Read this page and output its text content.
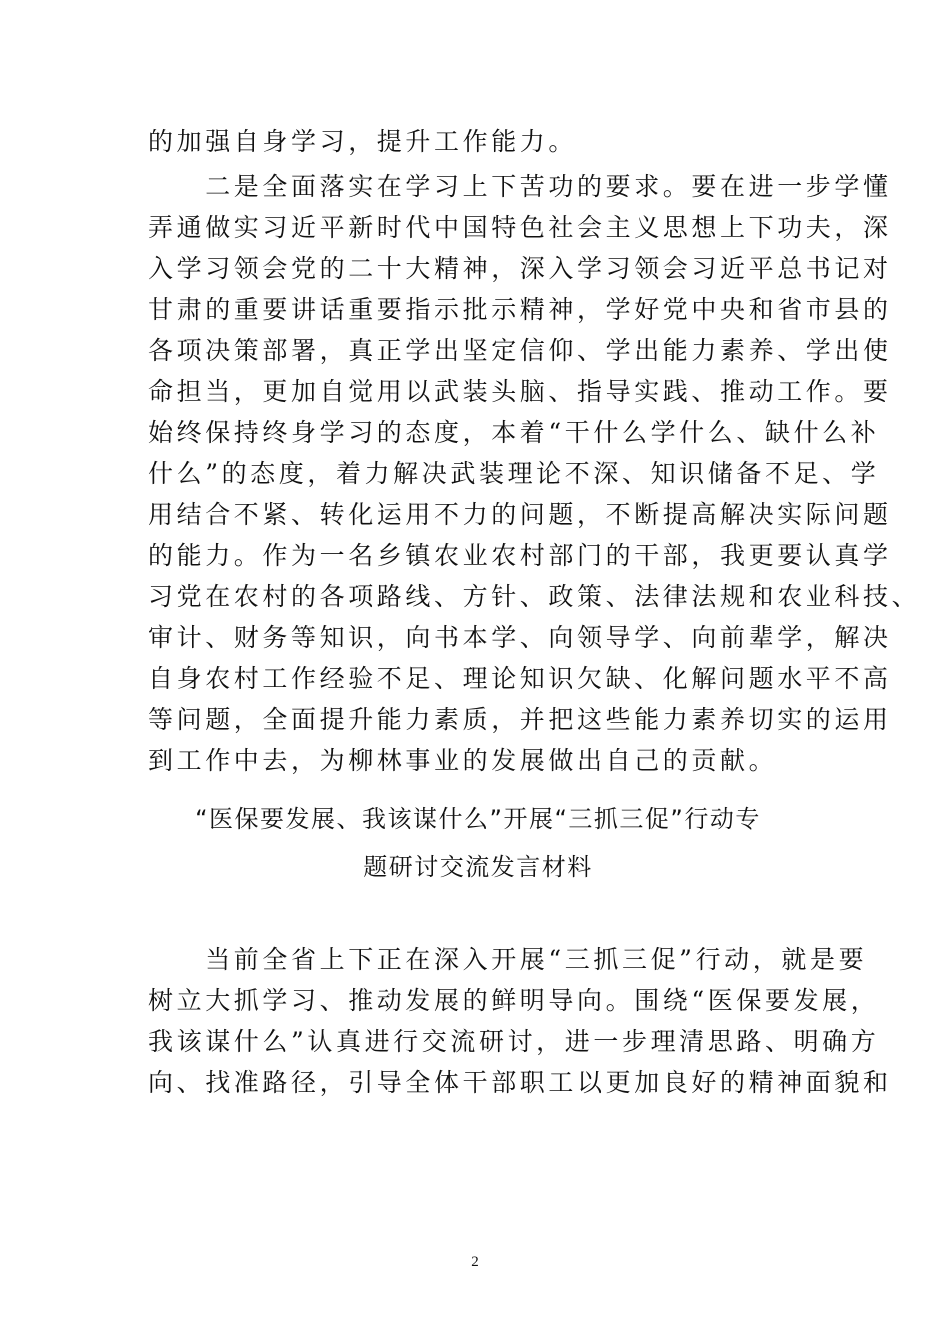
的加强自身学习，提升工作能力。
　　二是全面落实在学习上下苦功的要求。要在进一步学懂
弄通做实习近平新时代中国特色社会主义思想上下功夫，深
入学习领会党的二十大精神，深入学习领会习近平总书记对
甘肃的重要讲话重要指示批示精神，学好党中央和省市县的
各项决策部署，真正学出坚定信仰、学出能力素养、学出使
命担当，更加自觉用以武装头脑、指导实践、推动工作。要
始终保持终身学习的态度，本着“干什么学什么、缺什么补
什么”的态度，着力解决武装理论不深、知识储备不足、学
用结合不紧、转化运用不力的问题，不断提高解决实际问题
的能力。作为一名乡镇农业农村部门的干部，我更要认真学
习党在农村的各项路线、方针、政策、法律法规和农业科技、
审计、财务等知识，向书本学、向领导学、向前辈学，解决
自身农村工作经验不足、理论知识欠缺、化解问题水平不高
等问题，全面提升能力素质，并把这些能力素养切实的运用
到工作中去，为柳林事业的发展做出自己的贡献。
“医保要发展、我该谋什么”开展“三抓三促”行动专
题研讨交流发言材料
　　当前全省上下正在深入开展“三抓三促”行动，就是要
树立大抓学习、推动发展的鲜明导向。围绕“医保要发展，
我该谋什么”认真进行交流研讨，进一步理清思路、明确方
向、找准路径，引导全体干部职工以更加良好的精神面貌和
2
